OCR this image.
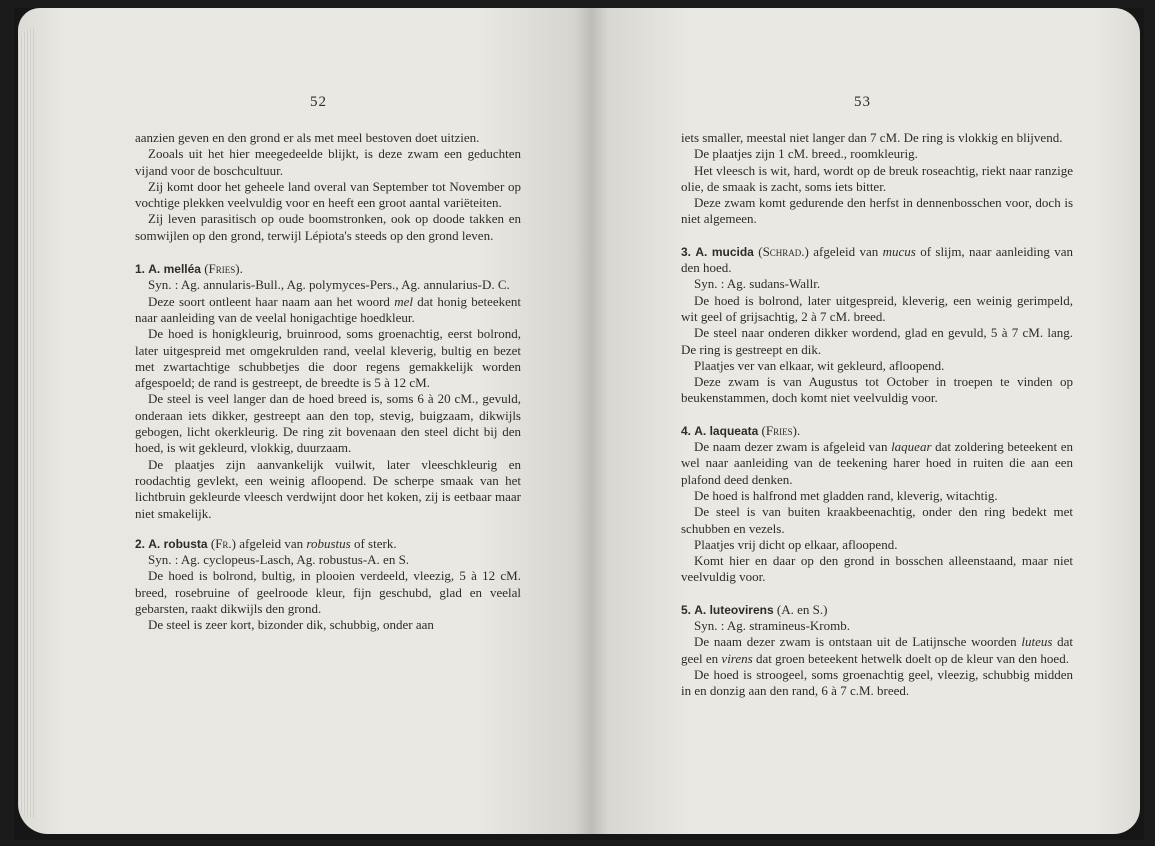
52

aanzien geven en den grond er als met meel bestoven doet uitzien.

Zooals uit het hier meegedeelde blijkt, is deze zwam een geduchten vijand voor de boschcultuur.

Zij komt door het geheele land overal van September tot November op vochtige plekken veelvuldig voor en heeft een groot aantal variëteiten.

Zij leven parasitisch op oude boomstronken, ook op doode takken en somwijlen op den grond, terwijl Lépiota's steeds op den grond leven.

1. A. melléa (Fries).

Syn. : Ag. annularis-Bull., Ag. polymyces-Pers., Ag. annularius-D. C.

Deze soort ontleent haar naam aan het woord mel dat honig beteekent naar aanleiding van de veelal honigachtige hoedkleur.

De hoed is honigkleurig, bruinrood, soms groenachtig, eerst bolrond, later uitgespreid met omgekrulden rand, veelal kleverig, bultig en bezet met zwartachtige schubbetjes die door regens gemakkelijk worden afgespoeld; de rand is gestreept, de breedte is 5 à 12 cM.

De steel is veel langer dan de hoed breed is, soms 6 à 20 cM., gevuld, onderaan iets dikker, gestreept aan den top, stevig, buigzaam, dikwijls gebogen, licht okerkleurig. De ring zit bovenaan den steel dicht bij den hoed, is wit gekleurd, vlokkig, duurzaam.

De plaatjes zijn aanvankelijk vuilwit, later vleeschkleurig en roodachtig gevlekt, een weinig afloopend. De scherpe smaak van het lichtbruin gekleurde vleesch verdwijnt door het koken, zij is eetbaar maar niet smakelijk.

2. A. robusta (Fr.) afgeleid van robustus of sterk.

Syn. : Ag. cyclopeus-Lasch, Ag. robustus-A. en S.

De hoed is bolrond, bultig, in plooien verdeeld, vleezig, 5 à 12 cM. breed, rosebruine of geelroode kleur, fijn geschubd, glad en veelal gebarsten, raakt dikwijls den grond.

De steel is zeer kort, bizonder dik, schubbig, onder aan

53

iets smaller, meestal niet langer dan 7 cM. De ring is vlokkig en blijvend.

De plaatjes zijn 1 cM. breed., roomkleurig.

Het vleesch is wit, hard, wordt op de breuk roseachtig, riekt naar ranzige olie, de smaak is zacht, soms iets bitter.

Deze zwam komt gedurende den herfst in dennenbosschen voor, doch is niet algemeen.

3. A. mucida (Schrad.) afgeleid van mucus of slijm, naar aanleiding van den hoed.

Syn. : Ag. sudans-Wallr.

De hoed is bolrond, later uitgespreid, kleverig, een weinig gerimpeld, wit geel of grijsachtig, 2 à 7 cM. breed.

De steel naar onderen dikker wordend, glad en gevuld, 5 à 7 cM. lang. De ring is gestreept en dik.

Plaatjes ver van elkaar, wit gekleurd, afloopend.

Deze zwam is van Augustus tot October in troepen te vinden op beukenstammen, doch komt niet veelvuldig voor.

4. A. laqueata (Fries).

De naam dezer zwam is afgeleid van laquear dat zoldering beteekent en wel naar aanleiding van de teekening harer hoed in ruiten die aan een plafond deed denken.

De hoed is halfrond met gladden rand, kleverig, witachtig.

De steel is van buiten kraakbeenachtig, onder den ring bedekt met schubben en vezels.

Plaatjes vrij dicht op elkaar, afloopend.

Komt hier en daar op den grond in bosschen alleenstaand, maar niet veelvuldig voor.

5. A. luteovirens (A. en S.)

Syn. : Ag. stramineus-Kromb.

De naam dezer zwam is ontstaan uit de Latijnsche woorden luteus dat geel en virens dat groen beteekent hetwelk doelt op de kleur van den hoed.

De hoed is stroogeel, soms groenachtig geel, vleezig, schubbig midden in en donzig aan den rand, 6 à 7 c.M. breed.
